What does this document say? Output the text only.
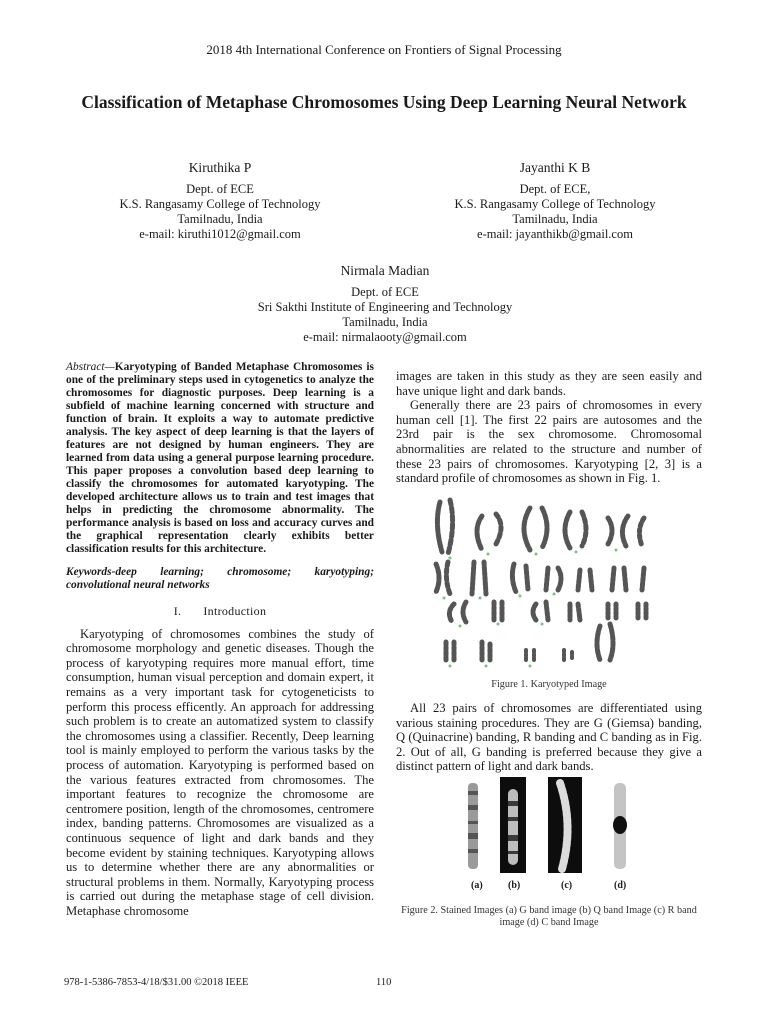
2018 4th International Conference on Frontiers of Signal Processing
Classification of Metaphase Chromosomes Using Deep Learning Neural Network
Kiruthika P
Dept. of ECE
K.S. Rangasamy College of Technology
Tamilnadu, India
e-mail: kiruthi1012@gmail.com
Jayanthi K B
Dept. of ECE,
K.S. Rangasamy College of Technology
Tamilnadu, India
e-mail: jayanthikb@gmail.com
Nirmala Madian
Dept. of ECE
Sri Sakthi Institute of Engineering and Technology
Tamilnadu, India
e-mail: nirmalaooty@gmail.com

Abstract—Karyotyping of Banded Metaphase Chromosomes is one of the preliminary steps used in cytogenetics to analyze the chromosomes for diagnostic purposes. Deep learning is a subfield of machine learning concerned with structure and function of brain. It exploits a way to automate predictive analysis. The key aspect of deep learning is that the layers of features are not designed by human engineers. They are learned from data using a general purpose learning procedure. This paper proposes a convolution based deep learning to classify the chromosomes for automated karyotyping. The developed architecture allows us to train and test images that helps in predicting the chromosome abnormality. The performance analysis is based on loss and accuracy curves and the graphical representation clearly exhibits better classification results for this architecture.

Keywords-deep learning; chromosome; karyotyping; convolutional neural networks

I. Introduction

Karyotyping of chromosomes combines the study of chromosome morphology and genetic diseases. Though the process of karyotyping requires more manual effort, time consumption, human visual perception and domain expert, it remains as a very important task for cytogeneticists to perform this process efficently. An approach for addressing such problem is to create an automatized system to classify the chromosomes using a classifier. Recently, Deep learning tool is mainly employed to perform the various tasks by the process of automation. Karyotyping is performed based on the various features extracted from chromosomes. The important features to recognize the chromosome are centromere position, length of the chromosomes, centromere index, banding patterns. Chromosomes are visualized as a continuous sequence of light and dark bands and they become evident by staining techniques. Karyotyping allows us to determine whether there are any abnormalities or structural problems in them. Normally, Karyotyping process is carried out during the metaphase stage of cell division. Metaphase chromosome

images are taken in this study as they are seen easily and have unique light and dark bands.

Generally there are 23 pairs of chromosomes in every human cell [1]. The first 22 pairs are autosomes and the 23rd pair is the sex chromosome. Chromosomal abnormalities are related to the structure and number of these 23 pairs of chromosomes. Karyotyping [2, 3] is a standard profile of chromosomes as shown in Fig. 1.

Figure 1. Karyotyped Image

All 23 pairs of chromosomes are differentiated using various staining procedures. They are G (Giemsa) banding, Q (Quinacrine) banding, R banding and C banding as in Fig. 2. Out of all, G banding is preferred because they give a distinct pattern of light and dark bands.

(a)	(b)	(c)	(d)
Figure 2. Stained Images (a) G band image (b) Q band Image (c) R band image (d) C band Image
978-1-5386-7853-4/18/$31.00 ©2018 IEEE	110
